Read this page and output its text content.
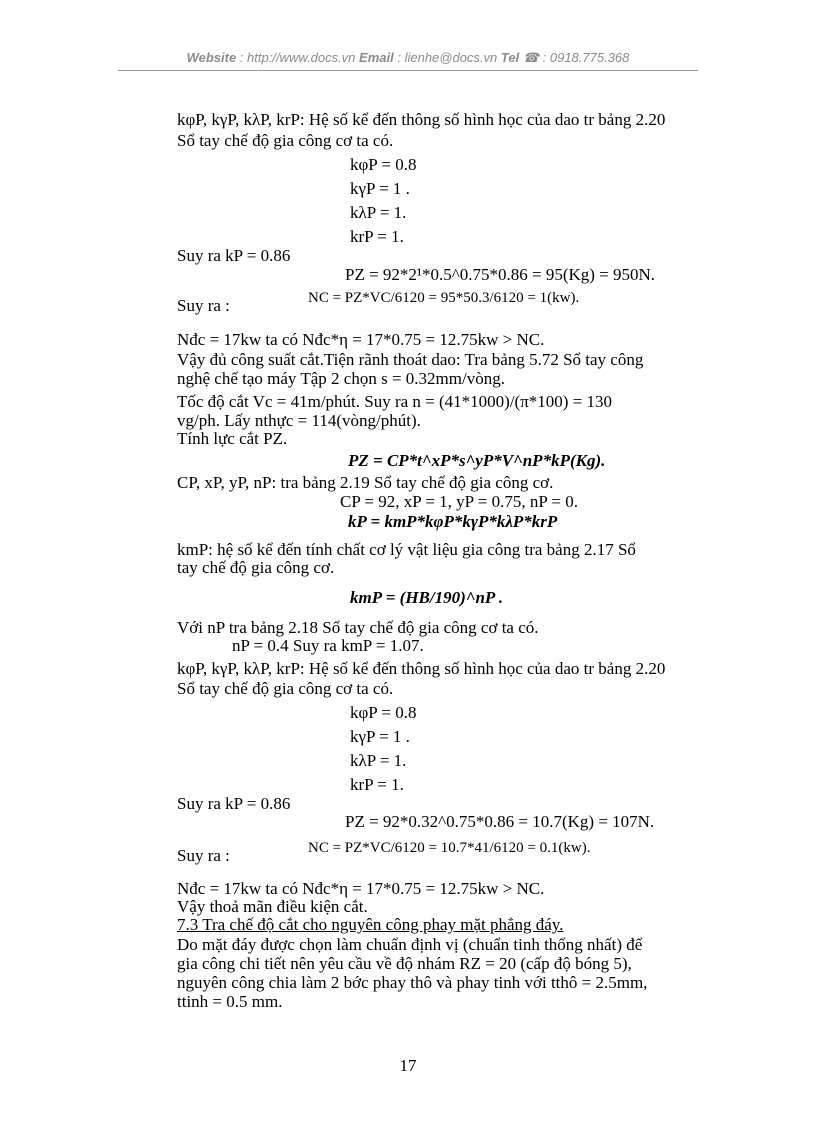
Website : http://www.docs.vn Email : lienhe@docs.vn Tel ☎ : 0918.775.368
kφP, kγP, kλP, krP: Hệ số kể đến thông số hình học của dao tr bảng 2.20
Sổ tay chế độ gia công cơ ta có.
kφP = 0.8
kγP = 1 .
kλP = 1.
krP = 1.
Suy ra kP = 0.86
PZ = 92*2¹*0.5^0.75*0.86 = 95(Kg) = 950N.
Suy ra :	NC = PZ*VC/6120 = 95*50.3/6120 = 1(kw).
Nđc = 17kw ta có Nđc*η = 17*0.75 = 12.75kw > NC.
Vậy đủ công suất cắt.Tiện rãnh thoát dao: Tra bảng 5.72 Sổ tay công
nghệ chế tạo máy Tập 2 chọn s = 0.32mm/vòng.
Tốc độ cắt Vc = 41m/phút. Suy ra n = (41*1000)/(π*100) = 130
vg/ph. Lấy nthực = 114(vòng/phút).
Tính lực cắt PZ.
PZ = CP*t^xP*s^yP*V^nP*kP(Kg).
CP, xP, yP, nP: tra bảng 2.19 Sổ tay chế độ gia công cơ.
CP = 92, xP = 1, yP = 0.75, nP = 0.
kP = kmP*kφP*kγP*kλP*krP
kmP: hệ số kể đến tính chất cơ lý vật liệu gia công tra bảng 2.17 Sổ
tay chế độ gia công cơ.
kmP = (HB/190)^nP .
Với nP tra bảng 2.18 Sổ tay chế độ gia công cơ ta có.
nP = 0.4 Suy ra kmP = 1.07.
kφP, kγP, kλP, krP: Hệ số kể đến thông số hình học của dao tr bảng 2.20
Sổ tay chế độ gia công cơ ta có.
kφP = 0.8
kγP = 1 .
kλP = 1.
krP = 1.
Suy ra kP = 0.86
PZ = 92*0.32^0.75*0.86 = 10.7(Kg) = 107N.
Suy ra :	NC = PZ*VC/6120 = 10.7*41/6120 = 0.1(kw).
Nđc = 17kw ta có Nđc*η = 17*0.75 = 12.75kw > NC.
Vậy thoả mãn điều kiện cắt.
7.3 Tra chế độ cắt cho nguyên công phay mặt phẳng đáy.
Do mặt đáy được chọn làm chuẩn định vị (chuẩn tinh thống nhất) để
gia công chi tiết nên yêu cầu về độ nhám RZ = 20 (cấp độ bóng 5),
nguyên công chia làm 2 bớc phay thô và phay tinh với tthô = 2.5mm,
ttinh = 0.5 mm.
17
